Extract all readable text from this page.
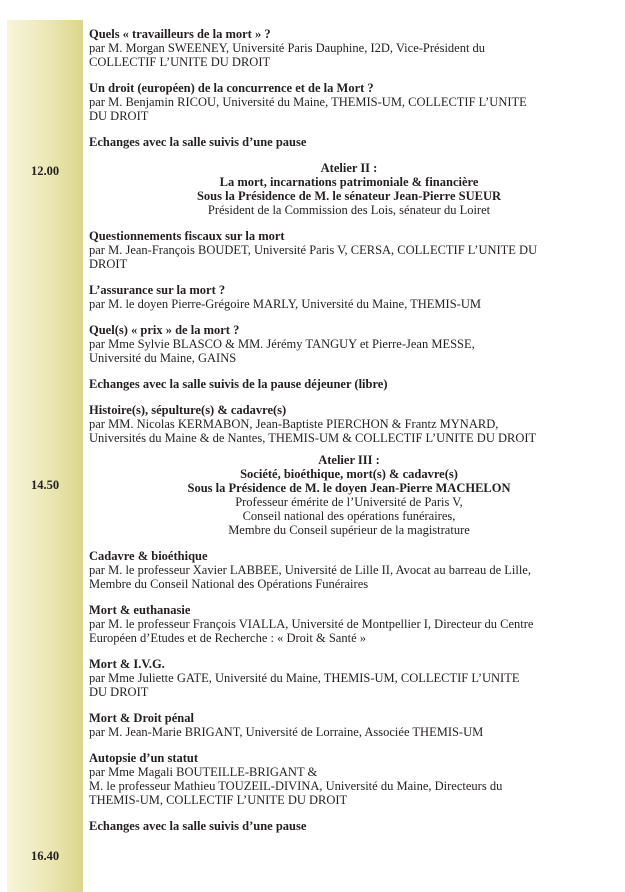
12.00
14.50
16.40
Quels « travailleurs de la mort » ?
par M. Morgan SWEENEY, Université Paris Dauphine, I2D, Vice-Président du
COLLECTIF L’UNITE DU DROIT
Un droit (européen) de la concurrence et de la Mort ?
par M. Benjamin RICOU, Université du Maine, THEMIS-UM, COLLECTIF L’UNITE
DU DROIT
Echanges avec la salle suivis d’une pause
Atelier II :
La mort, incarnations patrimoniale & financière
Sous la Présidence de M. le sénateur Jean-Pierre SUEUR
Président de la Commission des Lois, sénateur du Loiret
Questionnements fiscaux sur la mort
par M. Jean-François BOUDET, Université Paris V, CERSA, COLLECTIF L’UNITE DU
DROIT
L’assurance sur la mort ?
par M. le doyen Pierre-Grégoire MARLY, Université du Maine, THEMIS-UM
Quel(s) « prix » de la mort ?
par Mme Sylvie BLASCO & MM. Jérémy TANGUY et Pierre-Jean MESSE,
Université du Maine, GAINS
Echanges avec la salle suivis de la pause déjeuner (libre)
Histoire(s), sépulture(s) & cadavre(s)
par MM. Nicolas KERMABON, Jean-Baptiste PIERCHON & Frantz MYNARD,
Universités du Maine & de Nantes, THEMIS-UM & COLLECTIF L’UNITE DU DROIT
Atelier III :
Société, bioéthique, mort(s) & cadavre(s)
Sous la Présidence de M. le doyen Jean-Pierre MACHELON
Professeur émérite de l’Université de Paris V,
Conseil national des opérations funéraires,
Membre du Conseil supérieur de la magistrature
Cadavre & bioéthique
par M. le professeur Xavier LABBEE, Université de Lille II, Avocat au barreau de Lille,
Membre du Conseil National des Opérations Funéraires
Mort & euthanasie
par M. le professeur François VIALLA, Université de Montpellier I, Directeur du Centre
Européen d’Etudes et de Recherche : « Droit & Santé »
Mort & I.V.G.
par Mme Juliette GATE, Université du Maine, THEMIS-UM, COLLECTIF L’UNITE
DU DROIT
Mort & Droit pénal
par M. Jean-Marie BRIGANT, Université de Lorraine, Associée THEMIS-UM
Autopsie d’un statut
par Mme Magali BOUTEILLE-BRIGANT &
M. le professeur Mathieu TOUZEIL-DIVINA, Université du Maine, Directeurs du
THEMIS-UM, COLLECTIF L’UNITE DU DROIT
Echanges avec la salle suivis d’une pause
